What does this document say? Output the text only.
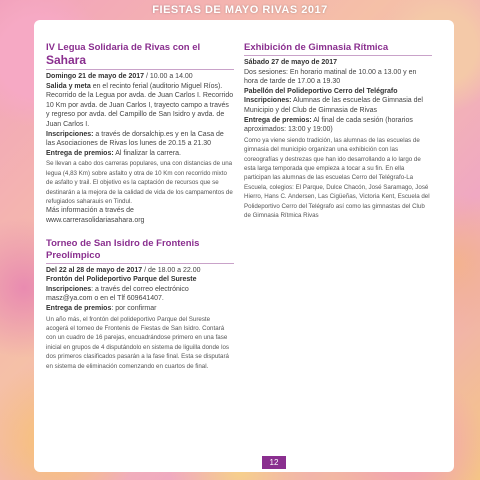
FIESTAS DE MAYO RIVAS 2017
IV Legua Solidaria de Rivas con el Sahara

Domingo 21 de mayo de 2017 / 10.00 a 14.00

Salida y meta en el recinto ferial (auditorio Miguel Ríos). Recorrido de la Legua por avda. de Juan Carlos I. Recorrido 10 Km por avda. de Juan Carlos I, trayecto campo a través y regreso por avda. del Campillo de San Isidro y avda. de Juan Carlos I.

Inscripciones: a través de dorsalchip.es y en la Casa de las Asociaciones de Rivas los lunes de 20.15 a 21.30

Entrega de premios: Al finalizar la carrera.

Se llevan a cabo dos carreras populares, una con distancias de una legua (4,83 Km) sobre asfalto y otra de 10 Km con recorrido mixto de asfalto y trail. El objetivo es la captación de recursos que se destinarán a la mejora de la calidad de vida de los campamentos de refugiados saharauis en Tindul.

Más información a través de www.carrerasolidariasahara.org

Torneo de San Isidro de Frontenis Preolímpico

Del 22 al 28 de mayo de 2017 / de 18.00 a 22.00

Frontón del Polideportivo Parque del Sureste

Inscripciones: a través del correo electrónico masz@ya.com o en el Tlf 609641407.

Entrega de premios: por confirmar

Un año más, el frontón del polideportivo Parque del Sureste acogerá el torneo de Frontenis de Fiestas de San Isidro. Contará con un cuadro de 16 parejas, encuadrándose primero en una fase inicial en grupos de 4 disputándolo en sistema de liguilla donde los dos primeros clasificados pasarán a la fase final. Esta se disputará en sistema de eliminación comenzando en cuartos de final.

Exhibición de Gimnasia Rítmica

Sábado 27 de mayo de 2017

Dos sesiones: En horario matinal de 10.00 a 13.00 y en hora de tarde de 17.00 a 19.30

Pabellón del Polideportivo Cerro del Telégrafo

Inscripciones: Alumnas de las escuelas de Gimnasia del Municipio y del Club de Gimnasia de Rivas

Entrega de premios: Al final de cada sesión (horarios aproximados: 13:00 y 19:00)

Como ya viene siendo tradición, las alumnas de las escuelas de gimnasia del municipio organizan una exhibición con las coreografías y destrezas que han ido desarrollando a lo largo de esta larga temporada que empieza a tocar a su fin. En ella participan las alumnas de las escuelas Cerro del Telégrafo-La Escuela, colegios: El Parque, Dulce Chacón, José Saramago, José Hierro, Hans C. Andersen, Las Cigüeñas, Victoria Kent, Escuela del Polideportivo Cerro del Telégrafo así como las gimnastas del Club de Gimnasia Rítmica Rivas

12
